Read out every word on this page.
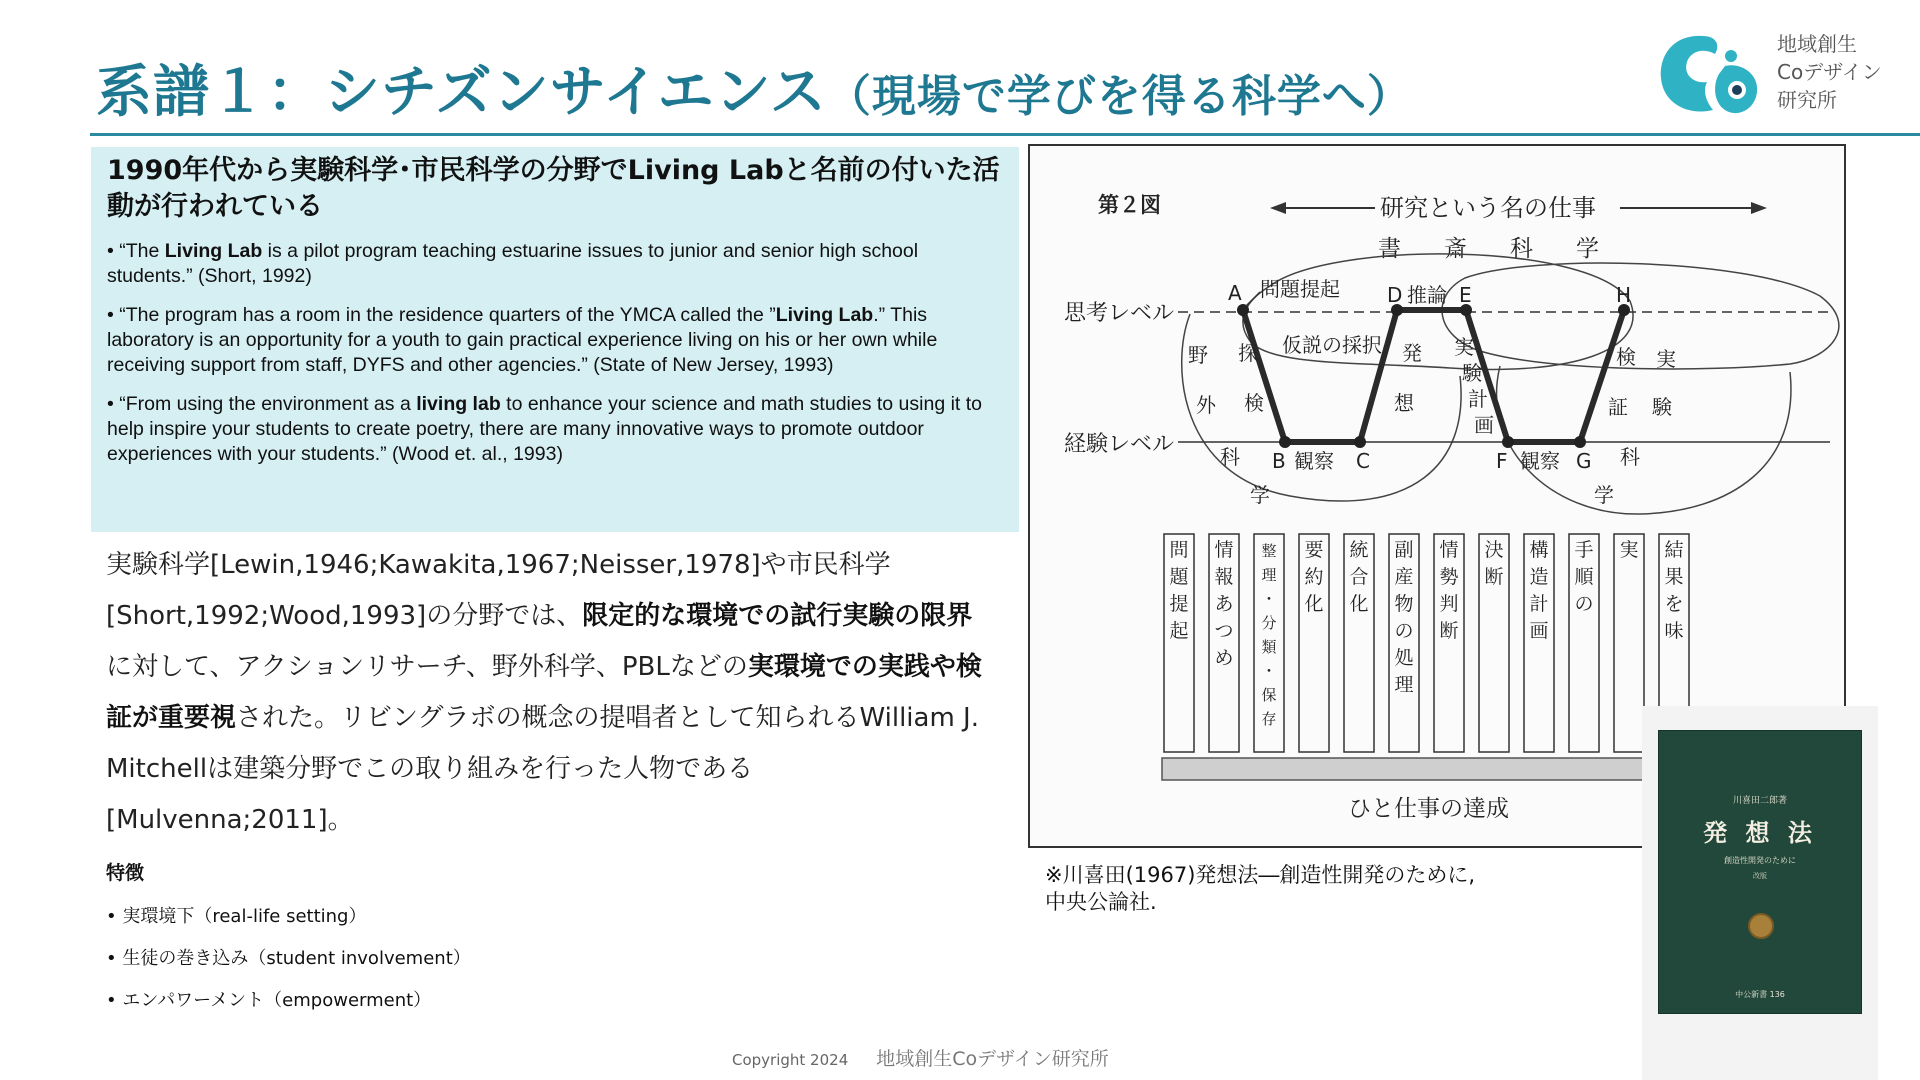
系譜１：シチズンサイエンス（現場で学びを得る科学へ）
地域創生
Coデザイン
研究所
1990年代から実験科学･市民科学の分野でLiving Labと名前の付いた活動が行われている
• “The Living Lab is a pilot program teaching estuarine issues to junior and senior high school students.” (Short, 1992)
• “The program has a room in the residence quarters of the YMCA called the ”Living Lab.” This laboratory is an opportunity for a youth to gain practical experience living on his or her own while receiving support from staff, DYFS and other agencies.” (State of New Jersey, 1993)
• “From using the environment as a living lab to enhance your science and math studies to using it to help inspire your students to create poetry, there are many innovative ways to promote outdoor experiences with your students.” (Wood et. al., 1993)
実験科学[Lewin,1946;Kawakita,1967;Neisser,1978]や市民科学[Short,1992;Wood,1993]の分野では、限定的な環境での試行実験の限界に対して、アクションリサーチ、野外科学、PBLなどの実環境での実践や検証が重要視された。リビングラボの概念の提唱者として知られるWilliam J. Mitchellは建築分野でこの取り組みを行った人物である[Mulvenna;2011]。
特徴
• 実環境下（real-life setting）
• 生徒の巻き込み（student involvement）
• エンパワーメント（empowerment）
Copyright 2024 地域創生Coデザイン研究所
第２図	研究という名の仕事
書 斎 科 学
思考レベル
経験レベル
A
B	C
D	E
F	G
H
問題提起	推論
仮説の採択
観察	観察
探
検
発
想
実
験
計
画
検
証
野
外
科
学
実
験
科
学
問
題
提
起
情
報
あ
つ
め
整
理
・
分
類
・
保
存
要
約
化
統
合
化
副
産
物
の
処
理
情
勢
判
断
決
断
構
造
計
画
手
順
の
実 結
果
を
味
ひと仕事の達成
※川喜田(1967)発想法―創造性開発のために,
中央公論社.
川喜田二郎著
発 想 法
創造性開発のために
改版
中公新書 136
